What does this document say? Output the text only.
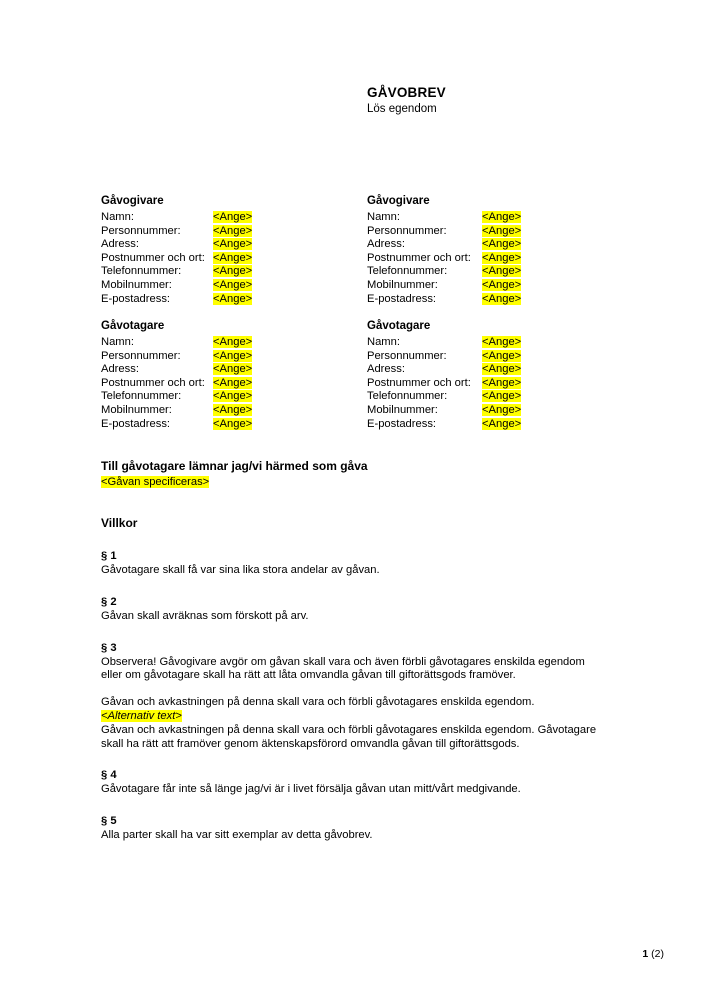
GÅVOBREV

Lös egendom

Gåvogivare
Namn:	<Ange>
Personnummer:	<Ange>
Adress:	<Ange>
Postnummer och ort:	<Ange>
Telefonnummer:	<Ange>
Mobilnummer:	<Ange>
E-postadress:	<Ange>
Gåvogivare
Namn:	<Ange>
Personnummer:	<Ange>
Adress:	<Ange>
Postnummer och ort:	<Ange>
Telefonnummer:	<Ange>
Mobilnummer:	<Ange>
E-postadress:	<Ange>
Gåvotagare
Namn:	<Ange>
Personnummer:	<Ange>
Adress:	<Ange>
Postnummer och ort:	<Ange>
Telefonnummer:	<Ange>
Mobilnummer:	<Ange>
E-postadress:	<Ange>
Gåvotagare
Namn:	<Ange>
Personnummer:	<Ange>
Adress:	<Ange>
Postnummer och ort:	<Ange>
Telefonnummer:	<Ange>
Mobilnummer:	<Ange>
E-postadress:	<Ange>
Till gåvotagare lämnar jag/vi härmed som gåva
<Gåvan specificeras>
Villkor
§ 1

Gåvotagare skall få var sina lika stora andelar av gåvan.

§ 2

Gåvan skall avräknas som förskott på arv.

§ 3

Observera! Gåvogivare avgör om gåvan skall vara och även förbli gåvotagares enskilda egendom eller om gåvotagare skall ha rätt att låta omvandla gåvan till giftorättsgods framöver.

Gåvan och avkastningen på denna skall vara och förbli gåvotagares enskilda egendom.

<Alternativ text>

Gåvan och avkastningen på denna skall vara och förbli gåvotagares enskilda egendom. Gåvotagare skall ha rätt att framöver genom äktenskapsförord omvandla gåvan till giftorättsgods.

§ 4

Gåvotagare får inte så länge jag/vi är i livet försälja gåvan utan mitt/vårt medgivande.

§ 5

Alla parter skall ha var sitt exemplar av detta gåvobrev.

1 (2)
